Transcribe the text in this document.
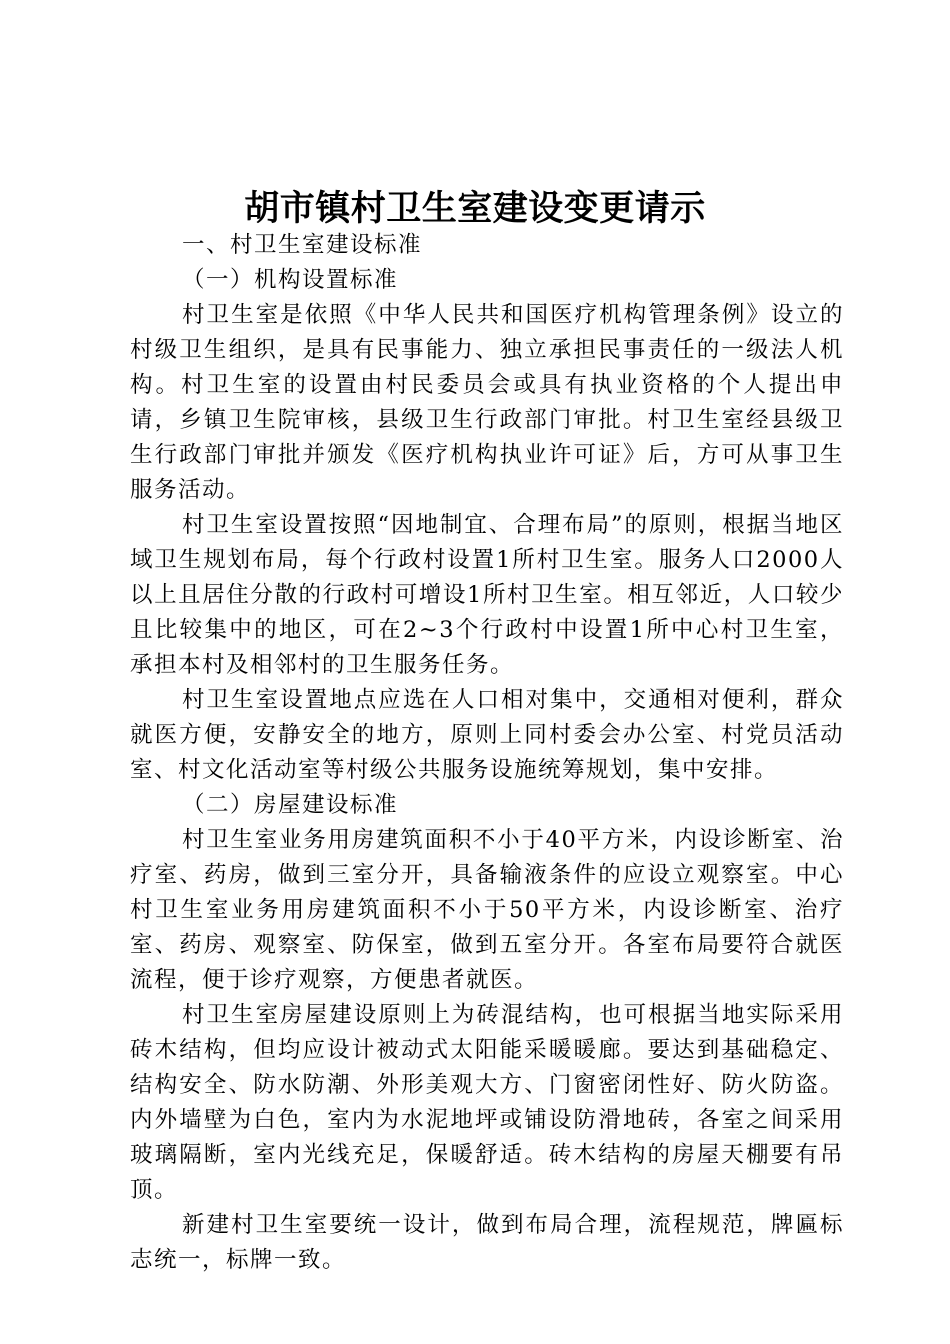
胡市镇村卫生室建设变更请示

一、村卫生室建设标准

（一）机构设置标准

村卫生室是依照《中华人民共和国医疗机构管理条例》设立的村级卫生组织，是具有民事能力、独立承担民事责任的一级法人机构。村卫生室的设置由村民委员会或具有执业资格的个人提出申请，乡镇卫生院审核，县级卫生行政部门审批。村卫生室经县级卫生行政部门审批并颁发《医疗机构执业许可证》后，方可从事卫生服务活动。

村卫生室设置按照“因地制宜、合理布局”的原则，根据当地区域卫生规划布局，每个行政村设置1所村卫生室。服务人口2000人以上且居住分散的行政村可增设1所村卫生室。相互邻近，人口较少且比较集中的地区，可在2~3个行政村中设置1所中心村卫生室，承担本村及相邻村的卫生服务任务。

村卫生室设置地点应选在人口相对集中，交通相对便利，群众就医方便，安静安全的地方，原则上同村委会办公室、村党员活动室、村文化活动室等村级公共服务设施统筹规划，集中安排。

（二）房屋建设标准

村卫生室业务用房建筑面积不小于40平方米，内设诊断室、治疗室、药房，做到三室分开，具备输液条件的应设立观察室。中心村卫生室业务用房建筑面积不小于50平方米，内设诊断室、治疗室、药房、观察室、防保室，做到五室分开。各室布局要符合就医流程，便于诊疗观察，方便患者就医。

村卫生室房屋建设原则上为砖混结构，也可根据当地实际采用砖木结构，但均应设计被动式太阳能采暖暖廊。要达到基础稳定、结构安全、防水防潮、外形美观大方、门窗密闭性好、防火防盗。内外墙壁为白色，室内为水泥地坪或铺设防滑地砖，各室之间采用玻璃隔断，室内光线充足，保暖舒适。砖木结构的房屋天棚要有吊顶。

新建村卫生室要统一设计，做到布局合理，流程规范，牌匾标志统一，标牌一致。
